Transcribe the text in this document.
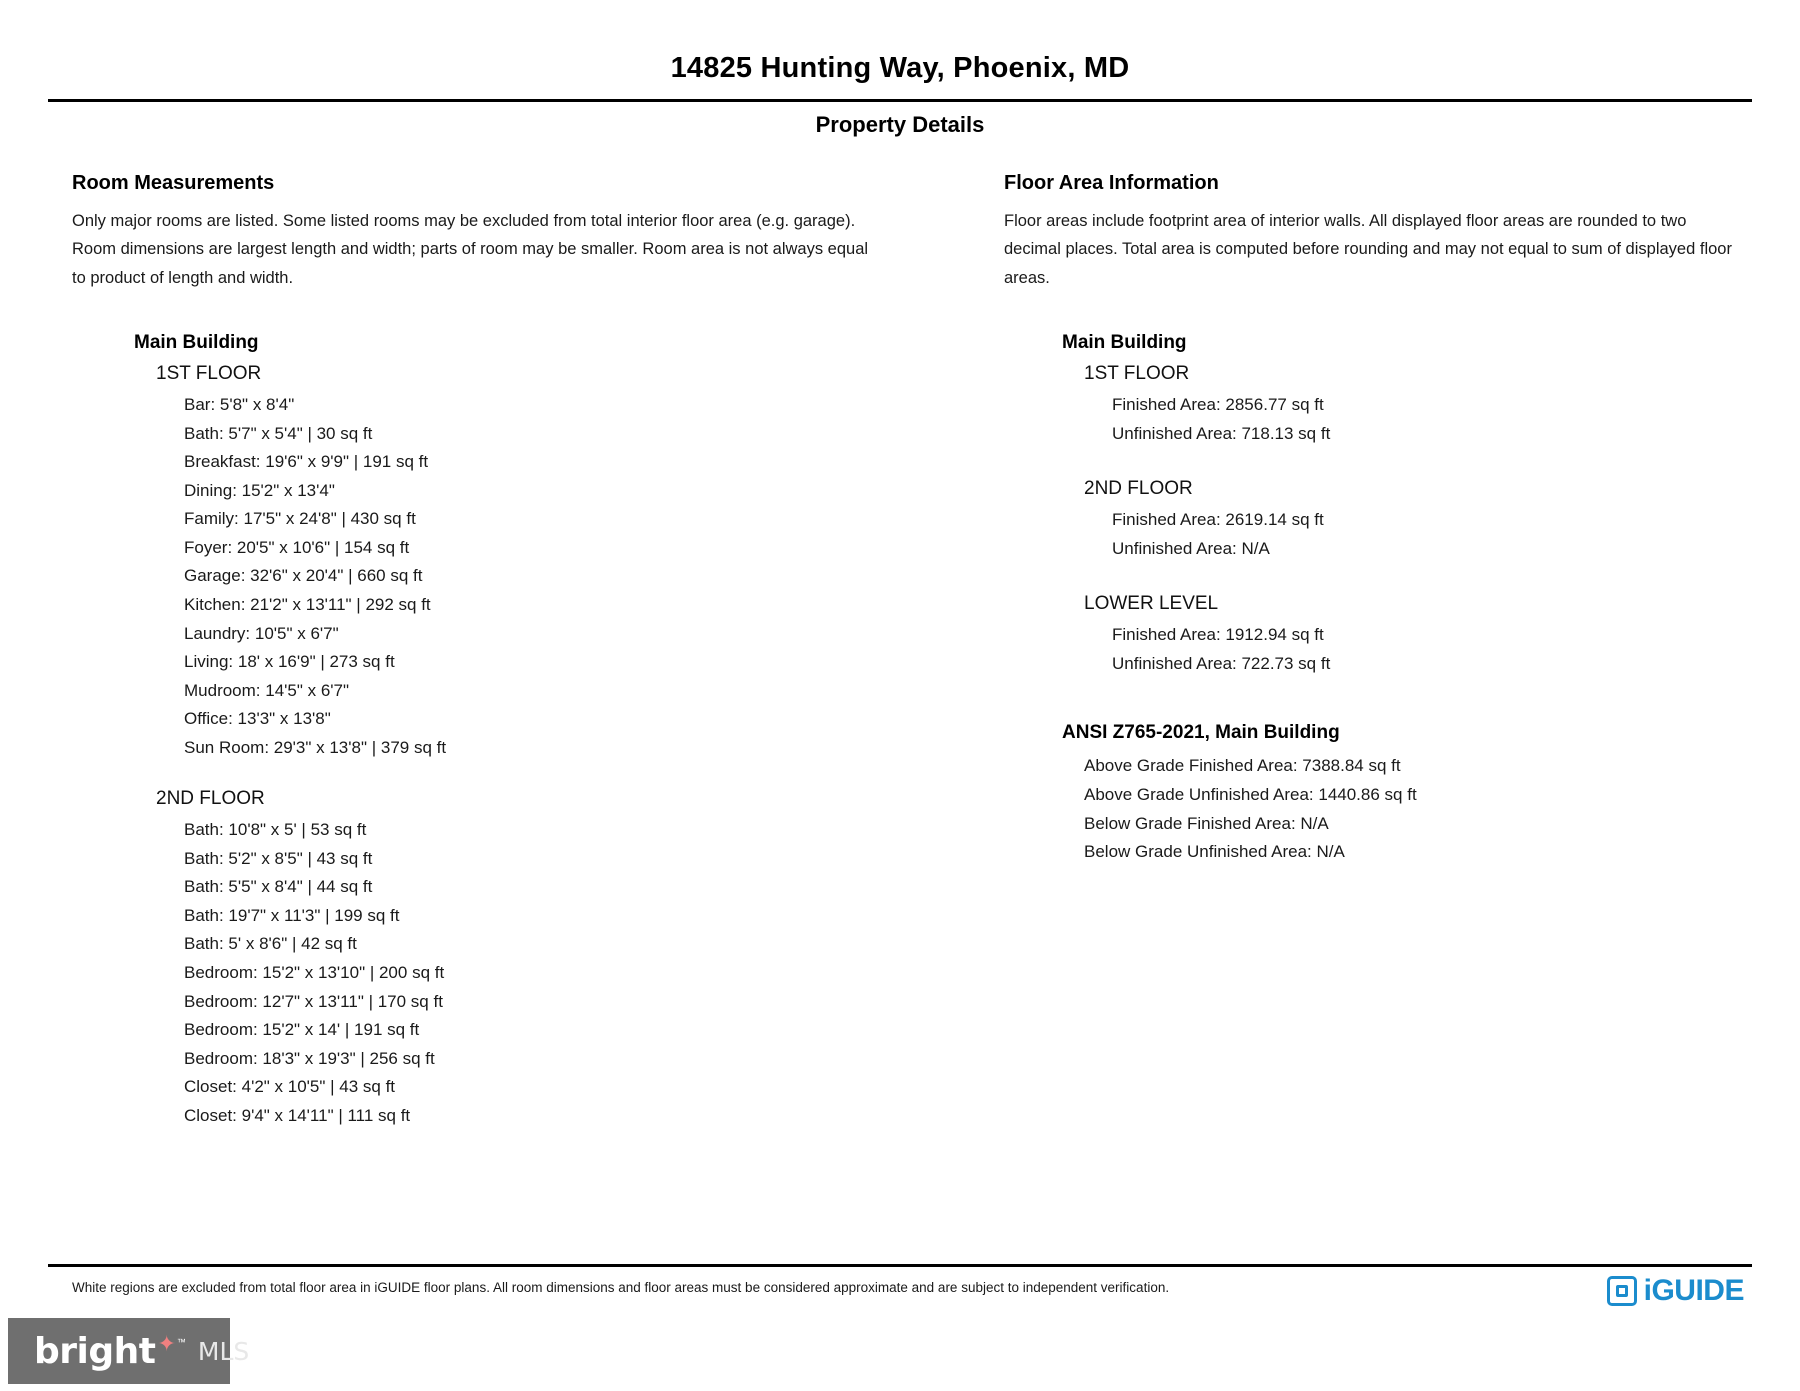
14825 Hunting Way, Phoenix, MD
Property Details
Room Measurements

Only major rooms are listed. Some listed rooms may be excluded from total interior floor area (e.g. garage). Room dimensions are largest length and width; parts of room may be smaller. Room area is not always equal to product of length and width.

Main Building
1ST FLOOR
Bar: 5'8" x 8'4"
Bath: 5'7" x 5'4" | 30 sq ft
Breakfast: 19'6" x 9'9" | 191 sq ft
Dining: 15'2" x 13'4"
Family: 17'5" x 24'8" | 430 sq ft
Foyer: 20'5" x 10'6" | 154 sq ft
Garage: 32'6" x 20'4" | 660 sq ft
Kitchen: 21'2" x 13'11" | 292 sq ft
Laundry: 10'5" x 6'7"
Living: 18' x 16'9" | 273 sq ft
Mudroom: 14'5" x 6'7"
Office: 13'3" x 13'8"
Sun Room: 29'3" x 13'8" | 379 sq ft
2ND FLOOR
Bath: 10'8" x 5' | 53 sq ft
Bath: 5'2" x 8'5" | 43 sq ft
Bath: 5'5" x 8'4" | 44 sq ft
Bath: 19'7" x 11'3" | 199 sq ft
Bath: 5' x 8'6" | 42 sq ft
Bedroom: 15'2" x 13'10" | 200 sq ft
Bedroom: 12'7" x 13'11" | 170 sq ft
Bedroom: 15'2" x 14' | 191 sq ft
Bedroom: 18'3" x 19'3" | 256 sq ft
Closet: 4'2" x 10'5" | 43 sq ft
Closet: 9'4" x 14'11" | 111 sq ft
Floor Area Information

Floor areas include footprint area of interior walls. All displayed floor areas are rounded to two decimal places. Total area is computed before rounding and may not equal to sum of displayed floor areas.

Main Building
1ST FLOOR
Finished Area: 2856.77 sq ft
Unfinished Area: 718.13 sq ft
2ND FLOOR
Finished Area: 2619.14 sq ft
Unfinished Area: N/A
LOWER LEVEL
Finished Area: 1912.94 sq ft
Unfinished Area: 722.73 sq ft
ANSI Z765-2021, Main Building
Above Grade Finished Area: 7388.84 sq ft
Above Grade Unfinished Area: 1440.86 sq ft
Below Grade Finished Area: N/A
Below Grade Unfinished Area: N/A
White regions are excluded from total floor area in iGUIDE floor plans. All room dimensions and floor areas must be considered approximate and are subject to independent verification.	iGUIDE
bright ✦ ™ MLS
